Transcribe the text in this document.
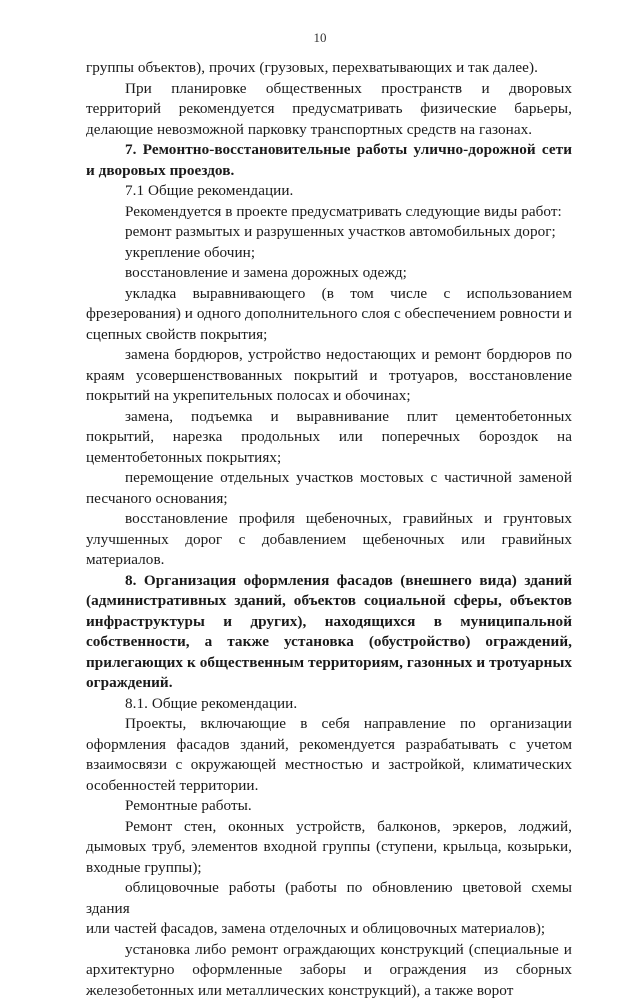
10

группы объектов), прочих (грузовых, перехватывающих и так далее).

При планировке общественных пространств и дворовых территорий рекомендуется предусматривать физические барьеры, делающие невозможной парковку транспортных средств на газонах.

7. Ремонтно-восстановительные работы улично-дорожной сети и дворовых проездов.

7.1 Общие рекомендации.

Рекомендуется в проекте предусматривать следующие виды работ:

ремонт размытых и разрушенных участков автомобильных дорог;

укрепление обочин;

восстановление и замена дорожных одежд;

укладка выравнивающего (в том числе с использованием фрезерования) и одного дополнительного слоя с обеспечением ровности и сцепных свойств покрытия;

замена бордюров, устройство недостающих и ремонт бордюров по краям усовершенствованных покрытий и тротуаров, восстановление покрытий на укрепительных полосах и обочинах;

замена, подъемка и выравнивание плит цементобетонных покрытий, нарезка продольных или поперечных бороздок на цементобетонных покрытиях;

перемощение отдельных участков мостовых с частичной заменой песчаного основания;

восстановление профиля щебеночных, гравийных и грунтовых улучшенных дорог с добавлением щебеночных или гравийных материалов.

8. Организация оформления фасадов (внешнего вида) зданий (административных зданий, объектов социальной сферы, объектов инфраструктуры и других), находящихся в муниципальной собственности, а также установка (обустройство) ограждений, прилегающих к общественным территориям, газонных и тротуарных ограждений.

8.1. Общие рекомендации.

Проекты, включающие в себя направление по организации оформления фасадов зданий, рекомендуется разрабатывать с учетом взаимосвязи с окружающей местностью и застройкой, климатических особенностей территории.

Ремонтные работы.

Ремонт стен, оконных устройств, балконов, эркеров, лоджий, дымовых труб, элементов входной группы (ступени, крыльца, козырьки, входные группы);

облицовочные работы (работы по обновлению цветовой схемы здания

или частей фасадов, замена отделочных и облицовочных материалов);

установка либо ремонт ограждающих конструкций (специальные и архитектурно оформленные заборы и ограждения из сборных железобетонных или металлических конструкций), а также ворот
